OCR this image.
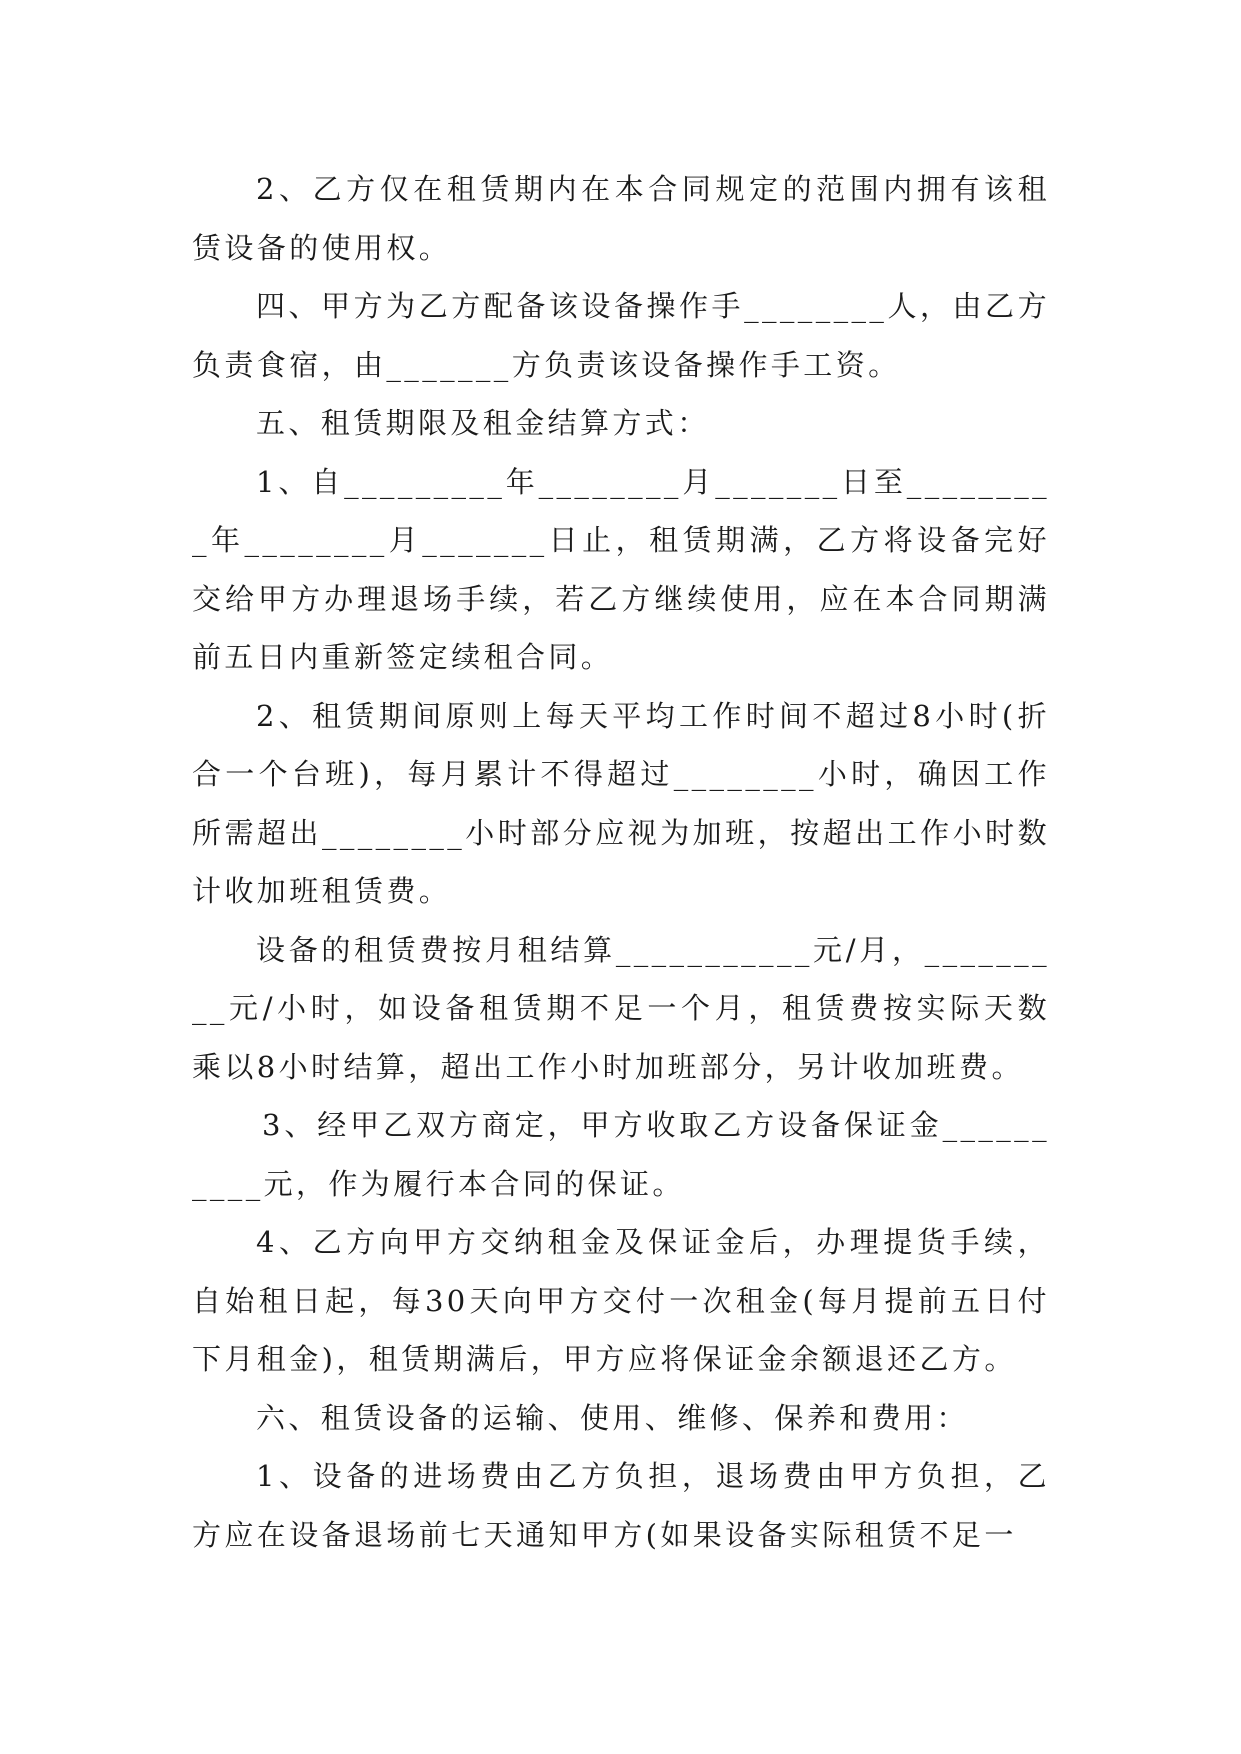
2、乙方仅在租赁期内在本合同规定的范围内拥有该租赁设备的使用权。

四、甲方为乙方配备该设备操作手________人，由乙方负责食宿，由_______方负责该设备操作手工资。

五、租赁期限及租金结算方式：

1、自_________年________月_______日至_________年________月_______日止，租赁期满，乙方将设备完好交给甲方办理退场手续，若乙方继续使用，应在本合同期满前五日内重新签定续租合同。

2、租赁期间原则上每天平均工作时间不超过8小时(折合一个台班)，每月累计不得超过________小时，确因工作所需超出________小时部分应视为加班，按超出工作小时数计收加班租赁费。

设备的租赁费按月租结算___________元/月，_________元/小时，如设备租赁期不足一个月，租赁费按实际天数乘以8小时结算，超出工作小时加班部分，另计收加班费。

3、经甲乙双方商定，甲方收取乙方设备保证金__________元，作为履行本合同的保证。

4、乙方向甲方交纳租金及保证金后，办理提货手续，自始租日起，每30天向甲方交付一次租金(每月提前五日付下月租金)，租赁期满后，甲方应将保证金余额退还乙方。

六、租赁设备的运输、使用、维修、保养和费用：

1、设备的进场费由乙方负担，退场费由甲方负担，乙方应在设备退场前七天通知甲方(如果设备实际租赁不足一
